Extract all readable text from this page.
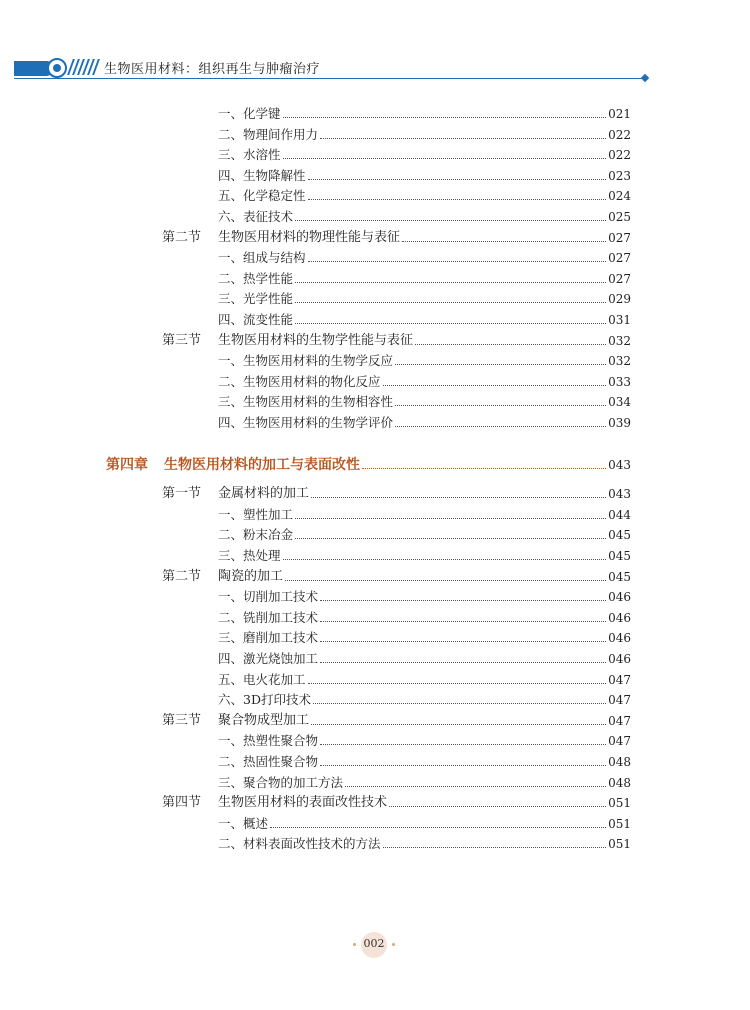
生物医用材料：组织再生与肿瘤治疗
一、化学键	021
二、物理间作用力	022
三、水溶性	022
四、生物降解性	023
五、化学稳定性	024
六、表征技术	025
第二节 生物医用材料的物理性能与表征	027
一、组成与结构	027
二、热学性能	027
三、光学性能	029
四、流变性能	031
第三节 生物医用材料的生物学性能与表征	032
一、生物医用材料的生物学反应	032
二、生物医用材料的物化反应	033
三、生物医用材料的生物相容性	034
四、生物医用材料的生物学评价	039
第四章 生物医用材料的加工与表面改性	043
第一节 金属材料的加工	043
一、塑性加工	044
二、粉末冶金	045
三、热处理	045
第二节 陶瓷的加工	045
一、切削加工技术	046
二、铣削加工技术	046
三、磨削加工技术	046
四、激光烧蚀加工	046
五、电火花加工	047
六、3D打印技术	047
第三节 聚合物成型加工	047
一、热塑性聚合物	047
二、热固性聚合物	048
三、聚合物的加工方法	048
第四节 生物医用材料的表面改性技术	051
一、概述	051
二、材料表面改性技术的方法	051
002
